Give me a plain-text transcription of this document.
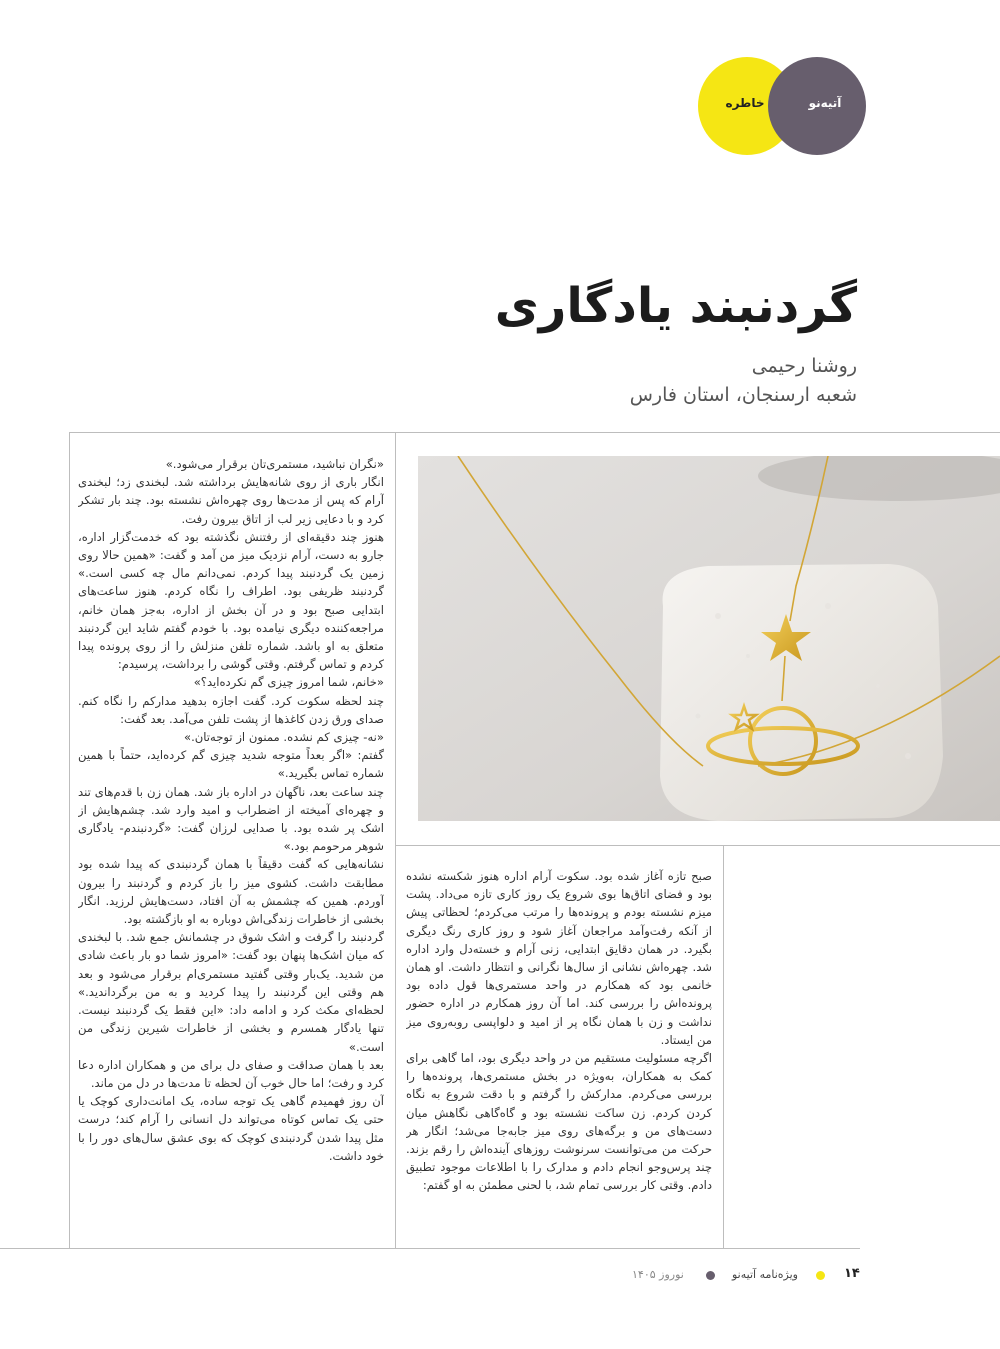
خاطره	آتیه‌نو
گردنبند یادگاری
روشنا رحیمی
شعبه ارسنجان، استان فارس

«نگران نباشید، مستمری‌تان برقرار می‌شود.»

انگار باری از روی شانه‌هایش برداشته شد. لبخندی زد؛ لبخندی آرام که پس از مدت‌ها روی چهره‌اش نشسته بود. چند بار تشکر کرد و با دعایی زیر لب از اتاق بیرون رفت.

هنوز چند دقیقه‌ای از رفتنش نگذشته بود که خدمت‌گزار اداره، جارو به دست، آرام نزدیک میز من آمد و گفت: «همین حالا روی زمین یک گردنبند پیدا کردم. نمی‌دانم مال چه کسی است.» گردنبند ظریفی بود. اطراف را نگاه کردم. هنوز ساعت‌های ابتدایی صبح بود و در آن بخش از اداره، به‌جز همان خانم، مراجعه‌کننده دیگری نیامده بود. با خودم گفتم شاید این گردنبند متعلق به او باشد. شماره تلفن منزلش را از روی پرونده پیدا کردم و تماس گرفتم. وقتی گوشی را برداشت، پرسیدم:

«خانم، شما امروز چیزی گم نکرده‌اید؟»

چند لحظه سکوت کرد. گفت اجازه بدهید مدارکم را نگاه کنم. صدای ورق زدن کاغذها از پشت تلفن می‌آمد. بعد گفت:

«نه- چیزی کم نشده. ممنون از توجه‌تان.»

گفتم: «اگر بعداً متوجه شدید چیزی گم کرده‌اید، حتماً با همین شماره تماس بگیرید.»

چند ساعت بعد، ناگهان در اداره باز شد. همان زن با قدم‌های تند و چهره‌ای آمیخته از اضطراب و امید وارد شد. چشم‌هایش از اشک پر شده بود. با صدایی لرزان گفت: «گردنبندم- یادگاری شوهر مرحومم بود.»

نشانه‌هایی که گفت دقیقاً با همان گردنبندی که پیدا شده بود مطابقت داشت. کشوی میز را باز کردم و گردنبند را بیرون آوردم. همین که چشمش به آن افتاد، دست‌هایش لرزید. انگار بخشی از خاطرات زندگی‌اش دوباره به او بازگشته بود.

گردنبند را گرفت و اشک شوق در چشمانش جمع شد. با لبخندی که میان اشک‌ها پنهان بود گفت: «امروز شما دو بار باعث شادی من شدید. یک‌بار وقتی گفتید مستمری‌ام برقرار می‌شود و بعد هم وقتی این گردنبند را پیدا کردید و به من برگرداندید.» لحظه‌ای مکث کرد و ادامه داد: «این فقط یک گردنبند نیست. تنها یادگار همسرم و بخشی از خاطرات شیرین زندگی من است.»

بعد با همان صداقت و صفای دل برای من و همکاران اداره دعا کرد و رفت؛ اما حال خوب آن لحظه تا مدت‌ها در دل من ماند.

آن روز فهمیدم گاهی یک توجه ساده، یک امانت‌داری کوچک یا حتی یک تماس کوتاه می‌تواند دل انسانی را آرام کند؛ درست مثل پیدا شدن گردنبندی کوچک که بوی عشق سال‌های دور را با خود داشت.

صبح تازه آغاز شده بود. سکوت آرام اداره هنوز شکسته نشده بود و فضای اتاق‌ها بوی شروع یک روز کاری تازه می‌داد. پشت میزم نشسته بودم و پرونده‌ها را مرتب می‌کردم؛ لحظاتی پیش از آنکه رفت‌وآمد مراجعان آغاز شود و روز کاری رنگ دیگری بگیرد. در همان دقایق ابتدایی، زنی آرام و خسته‌دل وارد اداره شد. چهره‌اش نشانی از سال‌ها نگرانی و انتظار داشت. او همان خانمی بود که همکارم در واحد مستمری‌ها قول داده بود پرونده‌اش را بررسی کند. اما آن روز همکارم در اداره حضور نداشت و زن با همان نگاه پر از امید و دلواپسی روبه‌روی میز من ایستاد.

اگرچه مسئولیت مستقیم من در واحد دیگری بود، اما گاهی برای کمک به همکاران، به‌ویژه در بخش مستمری‌ها، پرونده‌ها را بررسی می‌کردم. مدارکش را گرفتم و با دقت شروع به نگاه کردن کردم. زن ساکت نشسته بود و گاه‌گاهی نگاهش میان دست‌های من و برگه‌های روی میز جابه‌جا می‌شد؛ انگار هر حرکت من می‌توانست سرنوشت روزهای آینده‌اش را رقم بزند. چند پرس‌وجو انجام دادم و مدارک را با اطلاعات موجود تطبیق دادم. وقتی کار بررسی تمام شد، با لحنی مطمئن به او گفتم:

۱۴
ویژه‌نامه آتیه‌نو
نوروز ۱۴۰۵
